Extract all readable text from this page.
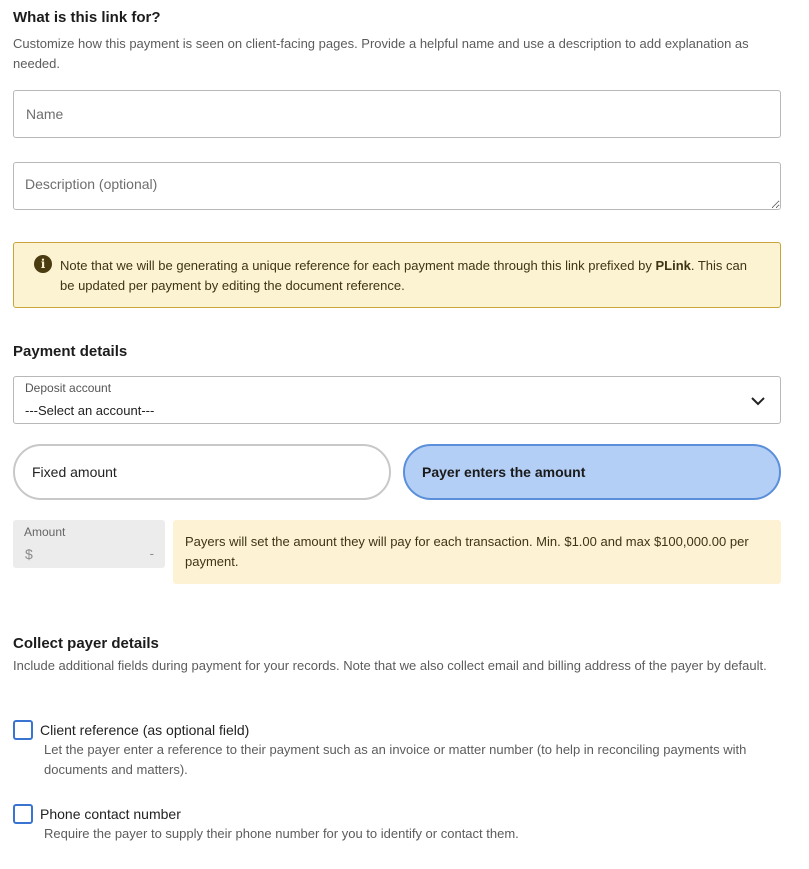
What is this link for?
Customize how this payment is seen on client-facing pages. Provide a helpful name and use a description to add explanation as needed.
Name
Description (optional)
i	Note that we will be generating a unique reference for each payment made through this link prefixed by PLink. This can be updated per payment by editing the document reference.
Payment details
Deposit account
---Select an account---
Fixed amount	Payer enters the amount
Amount
$	-
Payers will set the amount they will pay for each transaction. Min. $1.00 and max $100,000.00 per payment.
Collect payer details
Include additional fields during payment for your records. Note that we also collect email and billing address of the payer by default.
Client reference (as optional field)
Let the payer enter a reference to their payment such as an invoice or matter number (to help in reconciling payments with documents and matters).
Phone contact number
Require the payer to supply their phone number for you to identify or contact them.
